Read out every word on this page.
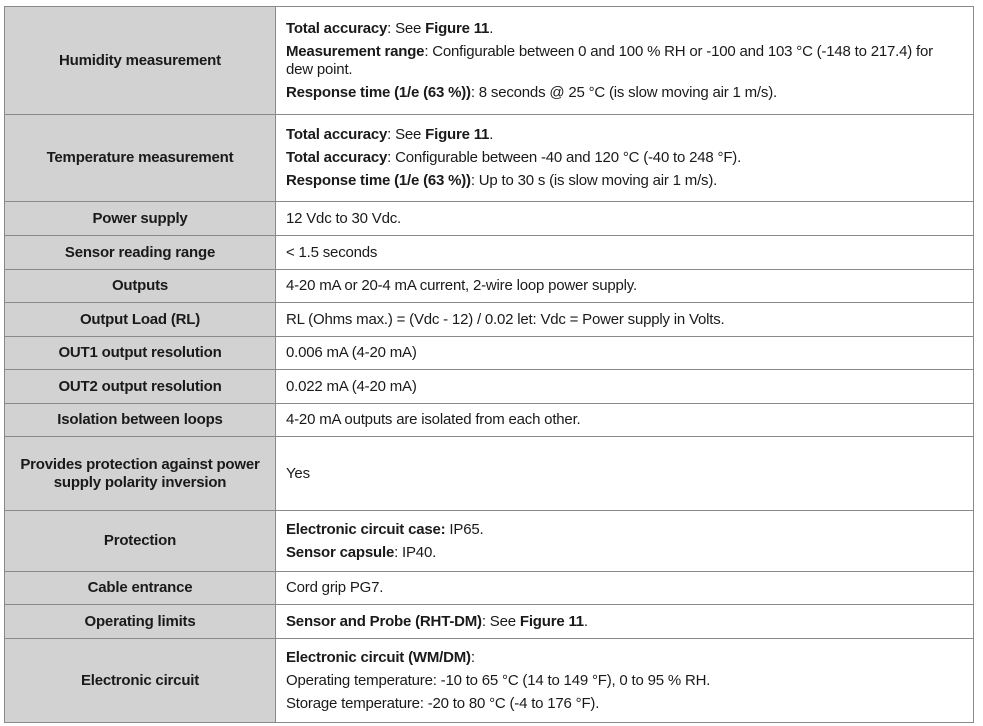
Humidity measurement	Total accuracy: See Figure 11.
Measurement range: Configurable between 0 and 100 % RH or -100 and 103 °C (-148 to 217.4) for dew point.
Response time (1/e (63 %)): 8 seconds @ 25 °C (is slow moving air 1 m/s).

Temperature measurement	Total accuracy: See Figure 11.
Total accuracy: Configurable between -40 and 120 °C (-40 to 248 °F).
Response time (1/e (63 %)): Up to 30 s (is slow moving air 1 m/s).

Power supply	12 Vdc to 30 Vdc.

Sensor reading range	< 1.5 seconds

Outputs	4-20 mA or 20-4 mA current, 2-wire loop power supply.

Output Load (RL)	RL (Ohms max.) = (Vdc - 12) / 0.02 let: Vdc = Power supply in Volts.

OUT1 output resolution	0.006 mA (4-20 mA)

OUT2 output resolution	0.022 mA (4-20 mA)

Isolation between loops	4-20 mA outputs are isolated from each other.

Provides protection against power supply polarity inversion	Yes

Protection	Electronic circuit case: IP65.
Sensor capsule: IP40.

Cable entrance	Cord grip PG7.

Operating limits	Sensor and Probe (RHT-DM): See Figure 11.

Electronic circuit	Electronic circuit (WM/DM):
Operating temperature: -10 to 65 °C (14 to 149 °F), 0 to 95 % RH.
Storage temperature: -20 to 80 °C (-4 to 176 °F).
